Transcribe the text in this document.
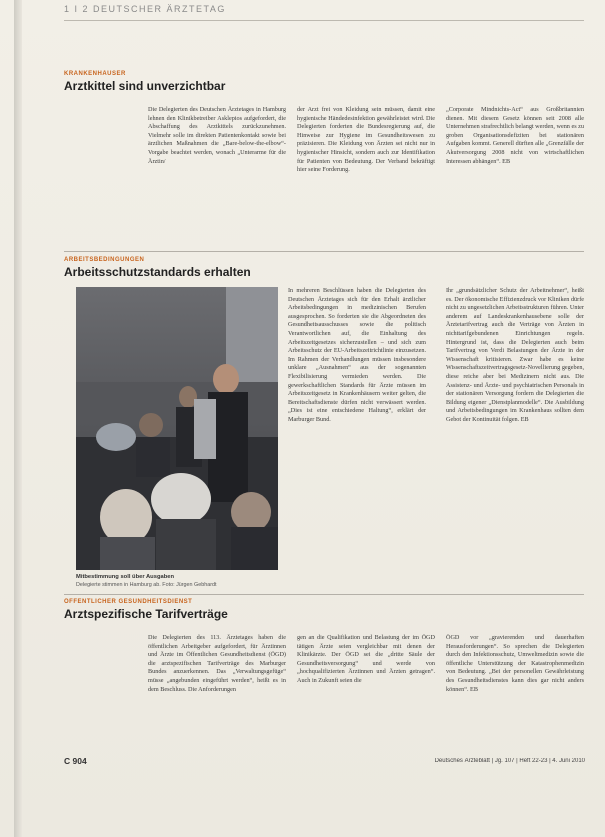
1 I 2 DEUTSCHER ÄRZTETAG
KRANKENHÄUSER
Arztkittel sind unverzichtbar
Die Delegierten des Deutschen Ärztetages in Hamburg lehnen den Klinikbetreiber Asklepios aufgefordert, die Abschaffung des Arztkittels zurückzunehmen. Vielmehr solle im direkten Patientenkontakt sowie bei ärztlichen Maßnahmen die „Bare-below-the-elbow“-Vorgabe beachtet werden, wonach „Unterarme für die Ärztin/
der Arzt frei von Kleidung sein müssen, damit eine hygienische Händedesinfektion gewährleistet wird. Die Delegierten forderten die Bundesregierung auf, die Hinweise zur Hygiene im Gesundheitswesen zu präzisieren. Die Kleidung von Ärzten sei nicht nur in hygienischer Hinsicht, sondern auch zur Identifikation für Patienten von Bedeutung. Der Verband bekräftigt hier seine Forderung.
„Corporate Mindnichts-Act“ aus Großbritannien dienen. Mit diesem Gesetz können seit 2008 alle Unternehmen strafrechtlich belangt werden, wenn es zu groben Organisationsdefiziten bei stationären Aufgaben kommt. Generell dürften alle „Grenzfälle der Akutversorgung 2008 nicht von wirtschaftlichen Interessen abhängen“. EB
ARBEITSBEDINGUNGEN
Arbeitsschutzstandards erhalten
Mitbestimmung soll über Ausgaben
Delegierte stimmen in Hamburg ab. Foto: Jürgen Gebhardt
In mehreren Beschlüssen haben die Delegierten des Deutschen Ärztetages sich für den Erhalt ärztlicher Arbeitsbedingungen in medizinischen Berufen ausgesprochen. So forderten sie die Abgeordneten des Gesundheitsausschusses sowie die politisch Verantwortlichen auf, die Einhaltung des Arbeitszeitgesetzes sicherzustellen – und sich zum Arbeitsschutz der EU-Arbeitszeitrichtlinie einzusetzen. Im Rahmen der Verhandlungen müssen insbesondere unklare „Ausnahmen“ aus der sogenannten Flexibilisierung vermieden werden. Die gewerkschaftlichen Standards für Ärzte müssen im Arbeitszeitgesetz in Krankenhäusern weiter gelten, die Bereitschaftsdienste dürfen nicht verwässert werden. „Dies ist eine entschiedene Haltung“, erklärt der Marburger Bund.
Ihr „grundsätzlicher Schutz der Arbeitnehmer“, heißt es. Der ökonomische Effizienzdruck vor Kliniken dürfe nicht zu ungesetzlichen Arbeitsstrukturen führen. Unter anderem auf Landeskrankenhausebene solle der Ärztetarifvertrag auch die Verträge von Ärzten in nichttarifgebundenen Einrichtungen regeln. Hintergrund ist, dass die Delegierten auch beim Tarifvertrag von Verdi Belastungen der Ärzte in der Wissenschaft kritisieren. Zwar habe es keine Wissenschaftszeitvertragsgesetz-Novellierung gegeben, diese reiche aber bei Medizinern nicht aus. Die Assistenz- und Ärzte- und psychiatrischen Personals in der stationären Versorgung fordern die Delegierten die Bildung eigener „Dienstplanmodelle“. Die Ausbildung und Arbeitsbedingungen im Krankenhaus sollten dem Gebot der Kontinuität folgen. EB
ÖFFENTLICHER GESUNDHEITSDIENST
Arztspezifische Tarifverträge
Die Delegierten des 113. Ärztetages haben die öffentlichen Arbeitgeber aufgefordert, für Ärztinnen und Ärzte im Öffentlichen Gesundheitsdienst (ÖGD) die arztspezifischen Tarifverträge des Marburger Bundes anzuerkennen. Das „Verwaltungsgefüge“ müsse „angebunden eingeführt werden“, heißt es in dem Beschluss. Die Anforderungen
gen an die Qualifikation und Belastung der im ÖGD tätigen Ärzte seien vergleichbar mit denen der Klinikärzte. Der ÖGD sei die „dritte Säule der Gesundheitsversorgung“ und werde von „hochqualifizierten Ärztinnen und Ärzten getragen“. Auch in Zukunft seien die
ÖGD vor „gravierenden und dauerhaften Herausforderungen“. So sprechen die Delegierten durch den Infektionsschutz, Umweltmedizin sowie die öffentliche Unterstützung der Katastrophenmedizin von Bedeutung. „Bei der personellen Gewährleistung des Gesundheitsdienstes kann dies gar nicht anders können“. EB
C 904	Deutsches Ärzteblatt | Jg. 107 | Heft 22-23 | 4. Juni 2010
